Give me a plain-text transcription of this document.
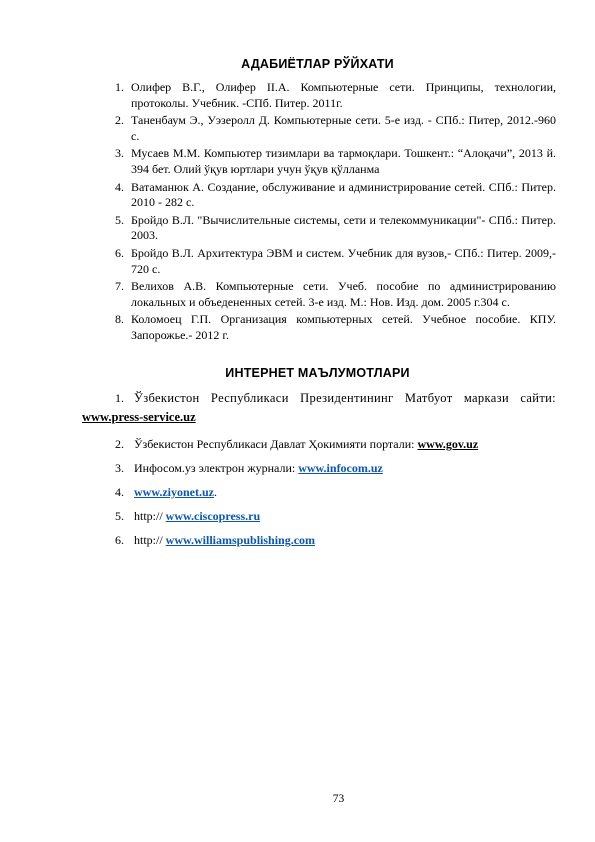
АДАБИЁТЛАР РЎЙХАТИ
1. Олифер В.Г., Олифер II.А. Компьютерные сети. Принципы, технологии, протоколы. Учебник. -СПб. Питер. 2011г.
2. Таненбаум Э., Уэзеролл Д. Компьютерные сети. 5-е изд. - СПб.: Питер, 2012.-960 с.
3. Мусаев М.М. Компьютер тизимлари ва тармоқлари. Тошкент.: “Алоқачи”, 2013 й. 394 бет. Олий ўқув юртлари учун ўқув қўлланма
4. Ватаманюк А. Создание, обслуживание и администрирование сетей. СПб.: Питер. 2010 - 282 с.
5. Бройдо В.Л. "Вычислительные системы, сети и телекоммуникации"- СПб.: Питер. 2003.
6. Бройдо В.Л. Архитектура ЭВМ и систем. Учебник для вузов,- СПб.: Питер. 2009,- 720 с.
7. Велихов А.В. Компьютерные сети. Учеб. пособие по администрированию локальных и объедененных сетей. 3-е изд. М.: Нов. Изд. дом. 2005 г.304 с.
8. Коломоец Г.П. Организация компьютерных сетей. Учебное пособие. КПУ. Запорожье.- 2012 г.
ИНТЕРНЕТ МАЪЛУМОТЛАРИ
1. Ўзбекистон Республикаси Президентининг Матбуот маркази сайти:
www.press-service.uz
2. Ўзбекистон Республикаси Давлат Ҳокимияти портали: www.gov.uz
3. Инфосом.уз электрон журнали: www.infocom.uz
4. www.ziyonet.uz.
5. http:// www.ciscopress.ru
6. http:// www.williamspublishing.com
73
